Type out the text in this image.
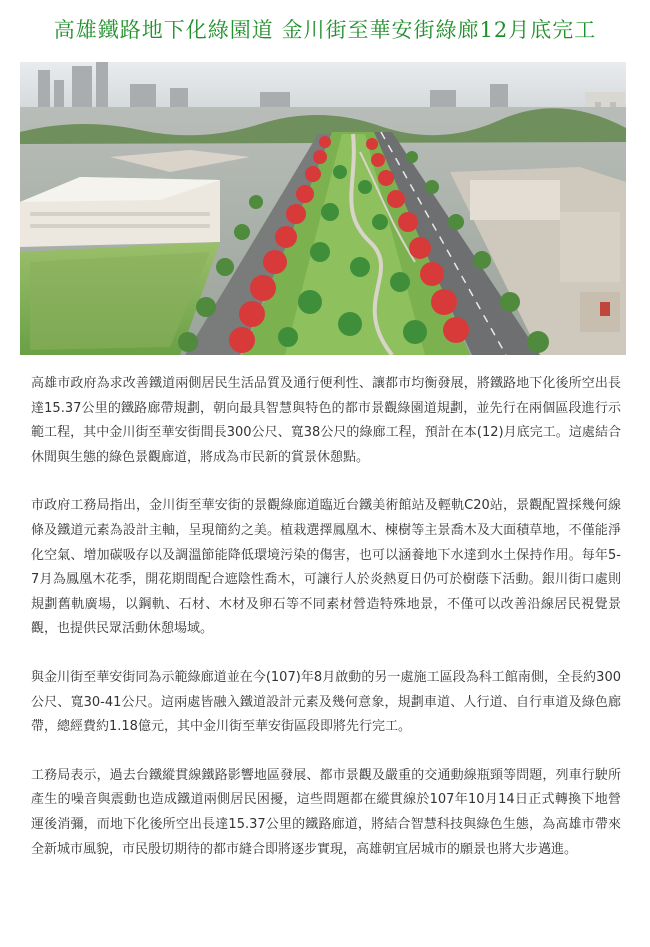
高雄鐵路地下化綠園道 金川街至華安街綠廊12月底完工

高雄市政府為求改善鐵道兩側居民生活品質及通行便利性、讓都市均衡發展，將鐵路地下化後所空出長達15.37公里的鐵路廊帶規劃，朝向最具智慧與特色的都市景觀綠園道規劃，並先行在兩個區段進行示範工程，其中金川街至華安街間長300公尺、寬38公尺的綠廊工程，預計在本(12)月底完工。這處結合休閒與生態的綠色景觀廊道，將成為市民新的賞景休憩點。

市政府工務局指出，金川街至華安街的景觀綠廊道臨近台鐵美術館站及輕軌C20站，景觀配置採幾何線條及鐵道元素為設計主軸，呈現簡約之美。植栽選擇鳳凰木、楝樹等主景喬木及大面積草地，不僅能淨化空氣、增加碳吸存以及調溫節能降低環境污染的傷害，也可以涵養地下水達到水土保持作用。每年5-7月為鳳凰木花季，開花期間配合遮陰性喬木，可讓行人於炎熱夏日仍可於樹蔭下活動。銀川街口處則規劃舊軌廣場，以鋼軌、石材、木材及卵石等不同素材營造特殊地景，不僅可以改善沿線居民視覺景觀，也提供民眾活動休憩場域。

與金川街至華安街同為示範綠廊道並在今(107)年8月啟動的另一處施工區段為科工館南側，全長約300公尺、寬30-41公尺。這兩處皆融入鐵道設計元素及幾何意象，規劃車道、人行道、自行車道及綠色廊帶，總經費約1.18億元，其中金川街至華安街區段即將先行完工。

工務局表示，過去台鐵縱貫線鐵路影響地區發展、都市景觀及嚴重的交通動線瓶頸等問題，列車行駛所產生的噪音與震動也造成鐵道兩側居民困擾，這些問題都在縱貫線於107年10月14日正式轉換下地營運後消彌，而地下化後所空出長達15.37公里的鐵路廊道，將結合智慧科技與綠色生態，為高雄市帶來全新城市風貌，市民殷切期待的都市縫合即將逐步實現，高雄朝宜居城市的願景也將大步邁進。
